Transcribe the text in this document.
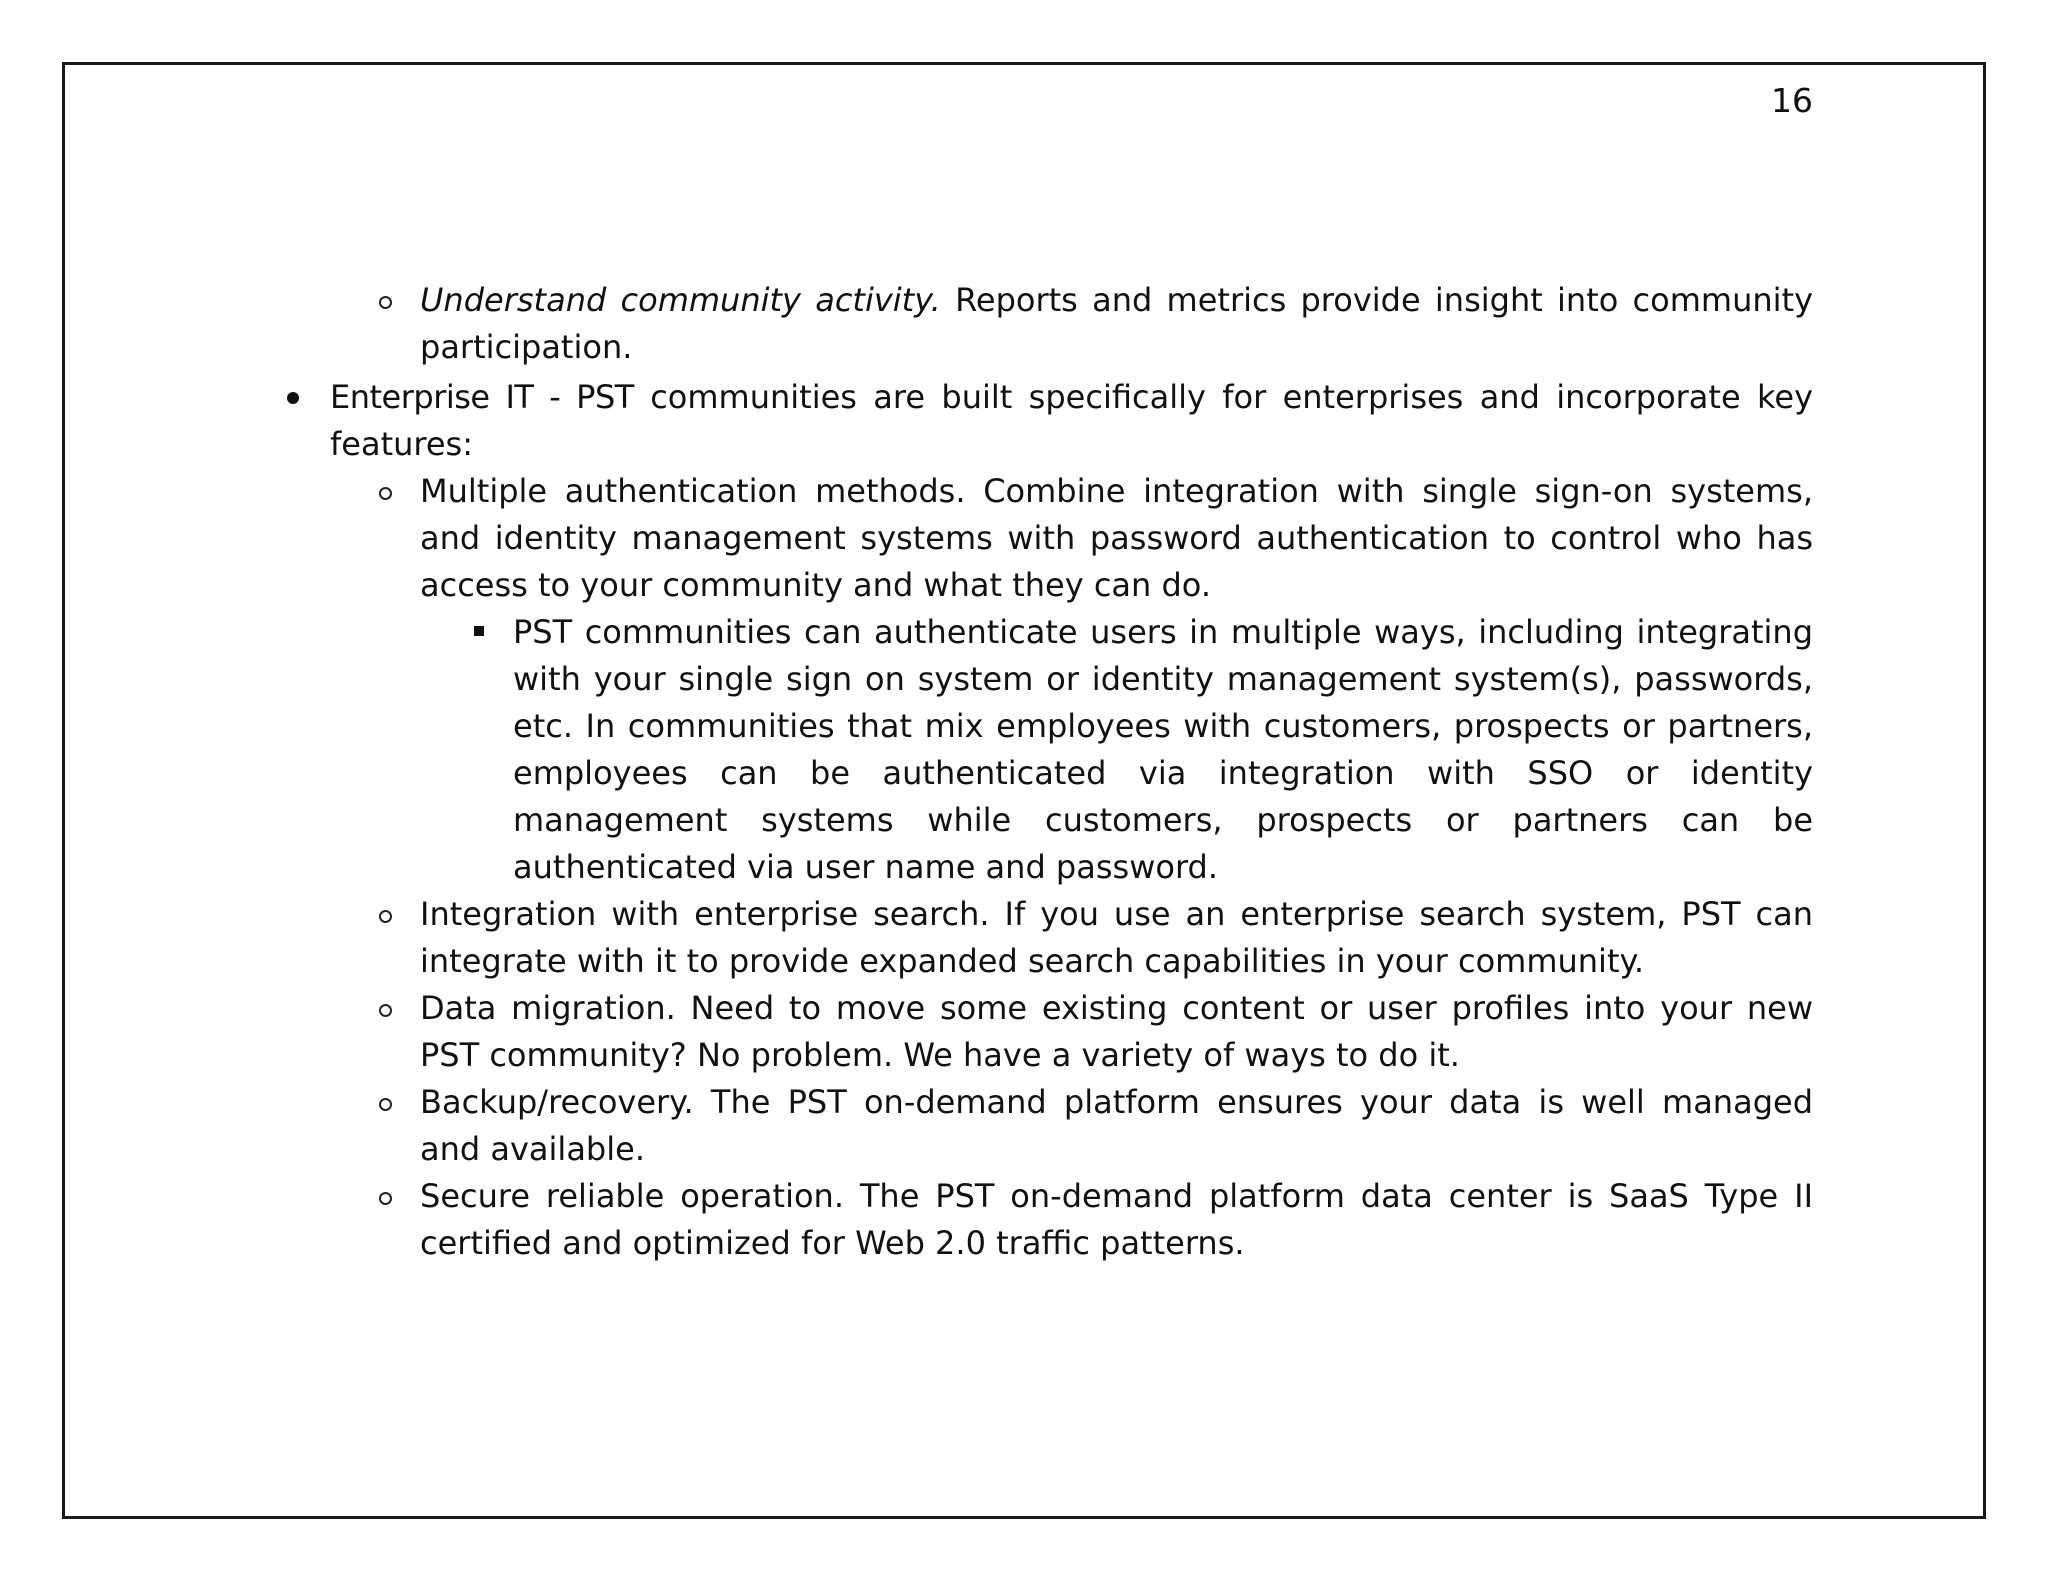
16
Understand community activity. Reports and metrics provide insight into community participation.
Enterprise IT - PST communities are built specifically for enterprises and incorporate key features:
Multiple authentication methods. Combine integration with single sign-on systems, and identity management systems with password authentication to control who has access to your community and what they can do.
PST communities can authenticate users in multiple ways, including integrating with your single sign on system or identity management system(s), passwords, etc. In communities that mix employees with customers, prospects or partners, employees can be authenticated via integration with SSO or identity management systems while customers, prospects or partners can be authenticated via user name and password.
Integration with enterprise search. If you use an enterprise search system, PST can integrate with it to provide expanded search capabilities in your community.
Data migration. Need to move some existing content or user profiles into your new PST community? No problem. We have a variety of ways to do it.
Backup/recovery. The PST on-demand platform ensures your data is well managed and available.
Secure reliable operation. The PST on-demand platform data center is SaaS Type II certified and optimized for Web 2.0 traffic patterns.
